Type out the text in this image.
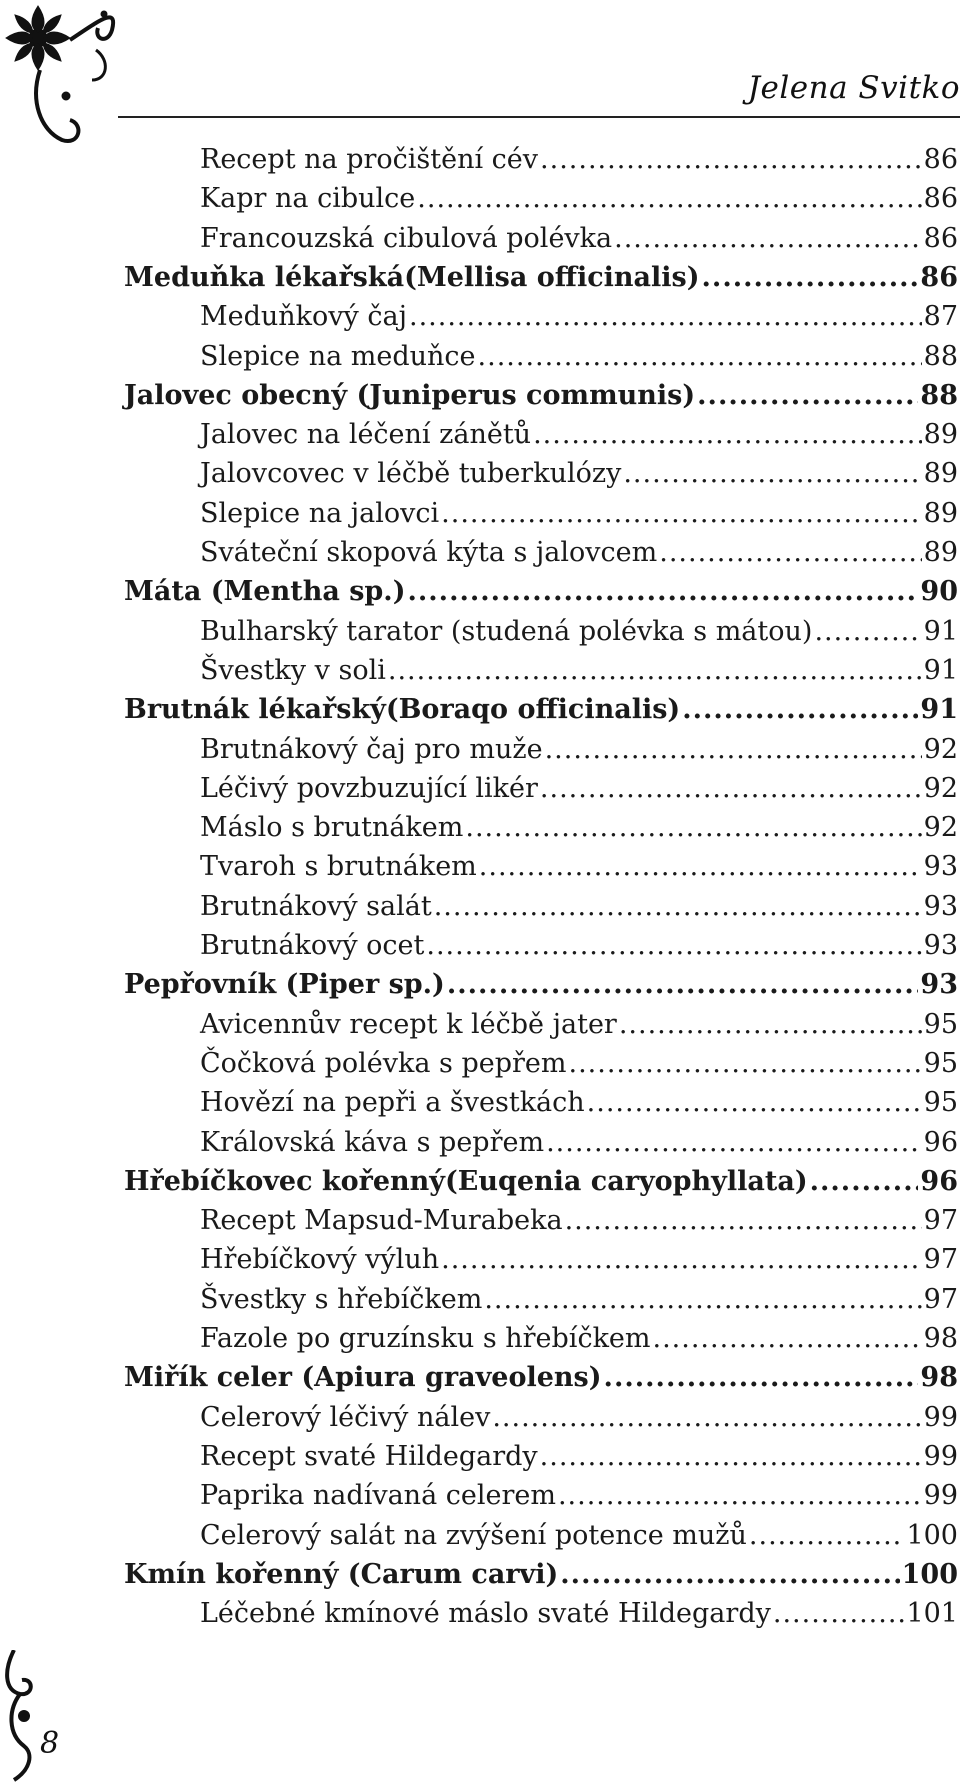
Jelena Svitko
Recept na pročištění cév .....	86
Kapr na cibulce .....	86
Francouzská cibulová polévka .....	86
Meduňka lékařská(Mellisa officinalis) .....	86
Meduňkový čaj .....	87
Slepice na meduňce .....	88
Jalovec obecný (Juniperus communis) .....	88
Jalovec na léčení zánětů .....	89
Jalovcovec v léčbě tuberkulózy .....	89
Slepice na jalovci .....	89
Sváteční skopová kýta s jalovcem .....	89
Máta (Mentha sp.) .....	90
Bulharský tarator (studená polévka s mátou) .....	91
Švestky v soli .....	91
Brutnák lékařský(Boraqo officinalis) .....	91
Brutnákový čaj pro muže .....	92
Léčivý povzbuzující likér .....	92
Máslo s brutnákem .....	92
Tvaroh s brutnákem .....	93
Brutnákový salát .....	93
Brutnákový ocet .....	93
Pepřovník (Piper sp.) .....	93
Avicennův recept k léčbě jater .....	95
Čočková polévka s pepřem .....	95
Hovězí na pepři a švestkách .....	95
Královská káva s pepřem .....	96
Hřebíčkovec kořenný(Euqenia caryophyllata) .....	96
Recept Mapsud-Murabeka .....	97
Hřebíčkový výluh .....	97
Švestky s hřebíčkem .....	97
Fazole po gruzínsku s hřebíčkem .....	98
Miřík celer (Apiura graveolens) .....	98
Celerový léčivý nálev .....	99
Recept svaté Hildegardy .....	99
Paprika nadívaná celerem .....	99
Celerový salát na zvýšení potence mužů .....	100
Kmín kořenný (Carum carvi) .....	100
Léčebné kmínové máslo svaté Hildegardy .....	101
8
